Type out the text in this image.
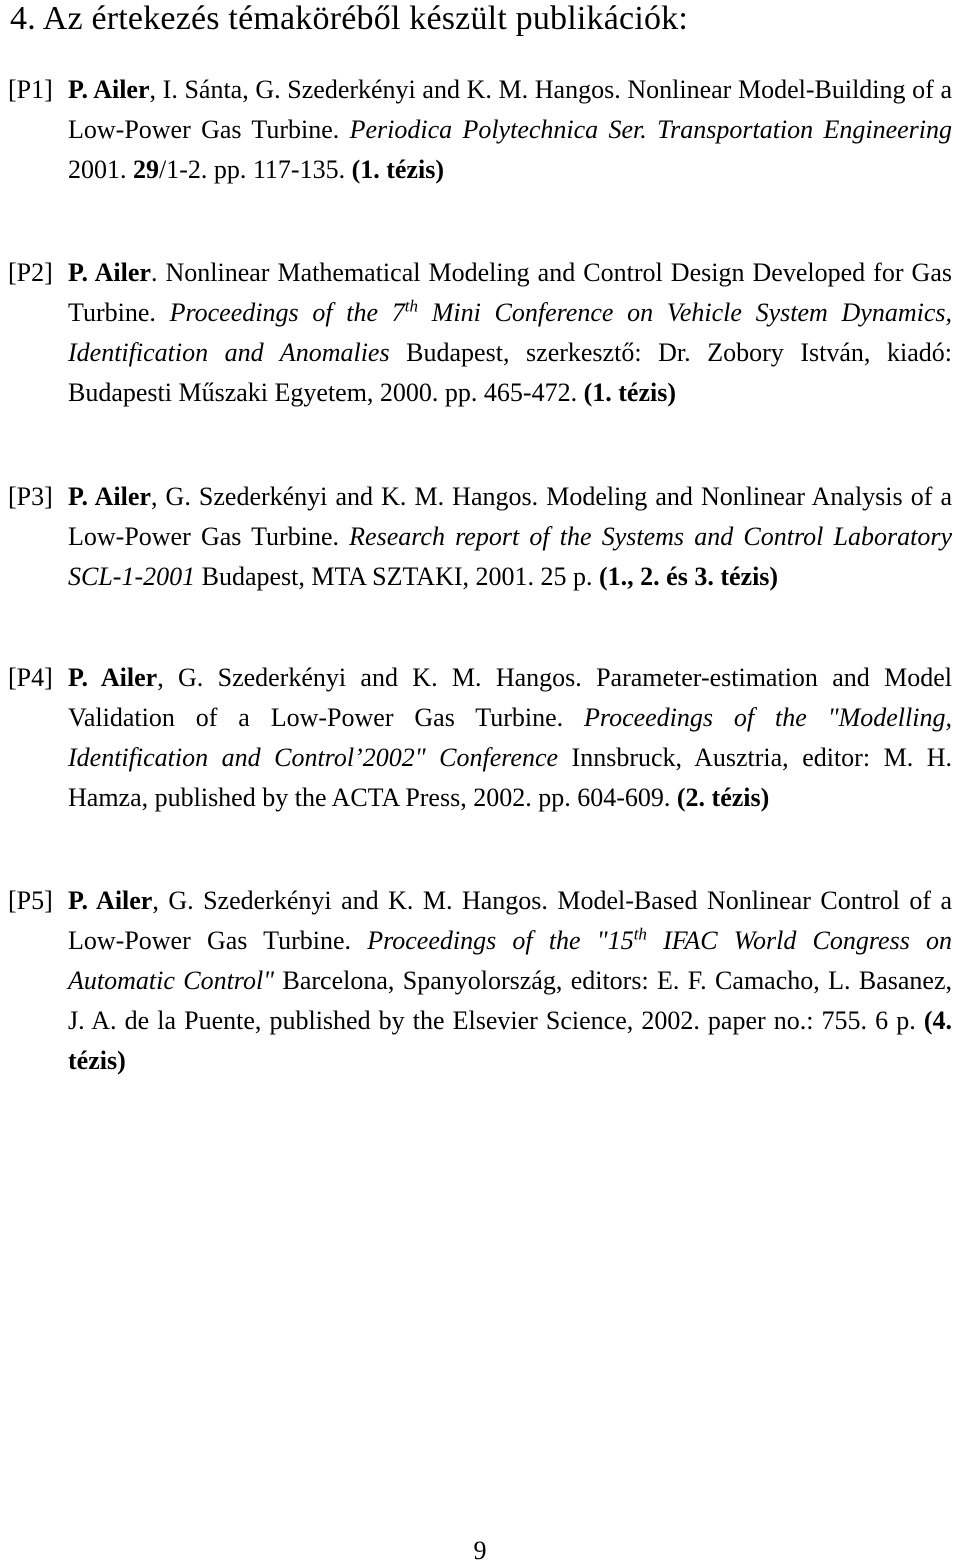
4. Az értekezés témaköréből készült publikációk:
[P1] P. Ailer, I. Sánta, G. Szederkényi and K. M. Hangos. Nonlinear Model-Building of a Low-Power Gas Turbine. Periodica Polytechnica Ser. Transportation Engineering 2001. 29/1-2. pp. 117-135. (1. tézis)
[P2] P. Ailer. Nonlinear Mathematical Modeling and Control Design Developed for Gas Turbine. Proceedings of the 7th Mini Conference on Vehicle System Dynamics, Identification and Anomalies Budapest, szerkesztő: Dr. Zobory István, kiadó: Budapesti Műszaki Egyetem, 2000. pp. 465-472. (1. tézis)
[P3] P. Ailer, G. Szederkényi and K. M. Hangos. Modeling and Nonlinear Analysis of a Low-Power Gas Turbine. Research report of the Systems and Control Laboratory SCL-1-2001 Budapest, MTA SZTAKI, 2001. 25 p. (1., 2. és 3. tézis)
[P4] P. Ailer, G. Szederkényi and K. M. Hangos. Parameter-estimation and Model Validation of a Low-Power Gas Turbine. Proceedings of the "Modelling, Identification and Control’2002" Conference Innsbruck, Ausztria, editor: M. H. Hamza, published by the ACTA Press, 2002. pp. 604-609. (2. tézis)
[P5] P. Ailer, G. Szederkényi and K. M. Hangos. Model-Based Nonlinear Control of a Low-Power Gas Turbine. Proceedings of the "15th IFAC World Congress on Automatic Control" Barcelona, Spanyolország, editors: E. F. Camacho, L. Basanez, J. A. de la Puente, published by the Elsevier Science, 2002. paper no.: 755. 6 p. (4. tézis)
9
